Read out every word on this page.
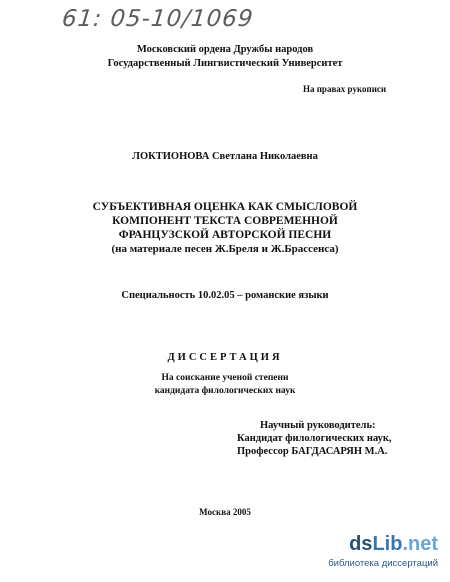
61: 05-10/1069
Московский ордена Дружбы народов
Государственный Лингвистический Университет
На правах рукописи
ЛОКТИОНОВА Светлана Николаевна
СУБЪЕКТИВНАЯ ОЦЕНКА КАК СМЫСЛОВОЙ
КОМПОНЕНТ ТЕКСТА СОВРЕМЕННОЙ
ФРАНЦУЗСКОЙ АВТОРСКОЙ ПЕСНИ
(на материале песен Ж.Бреля и Ж.Брассенса)
Специальность 10.02.05 – романские языки
ДИССЕРТАЦИЯ
На соискание ученой степени
кандидата филологических наук
Научный руководитель:
Кандидат филологических наук,
Профессор БАГДАСАРЯН М.А.
Москва 2005
dsLib.net
библиотека диссертаций
